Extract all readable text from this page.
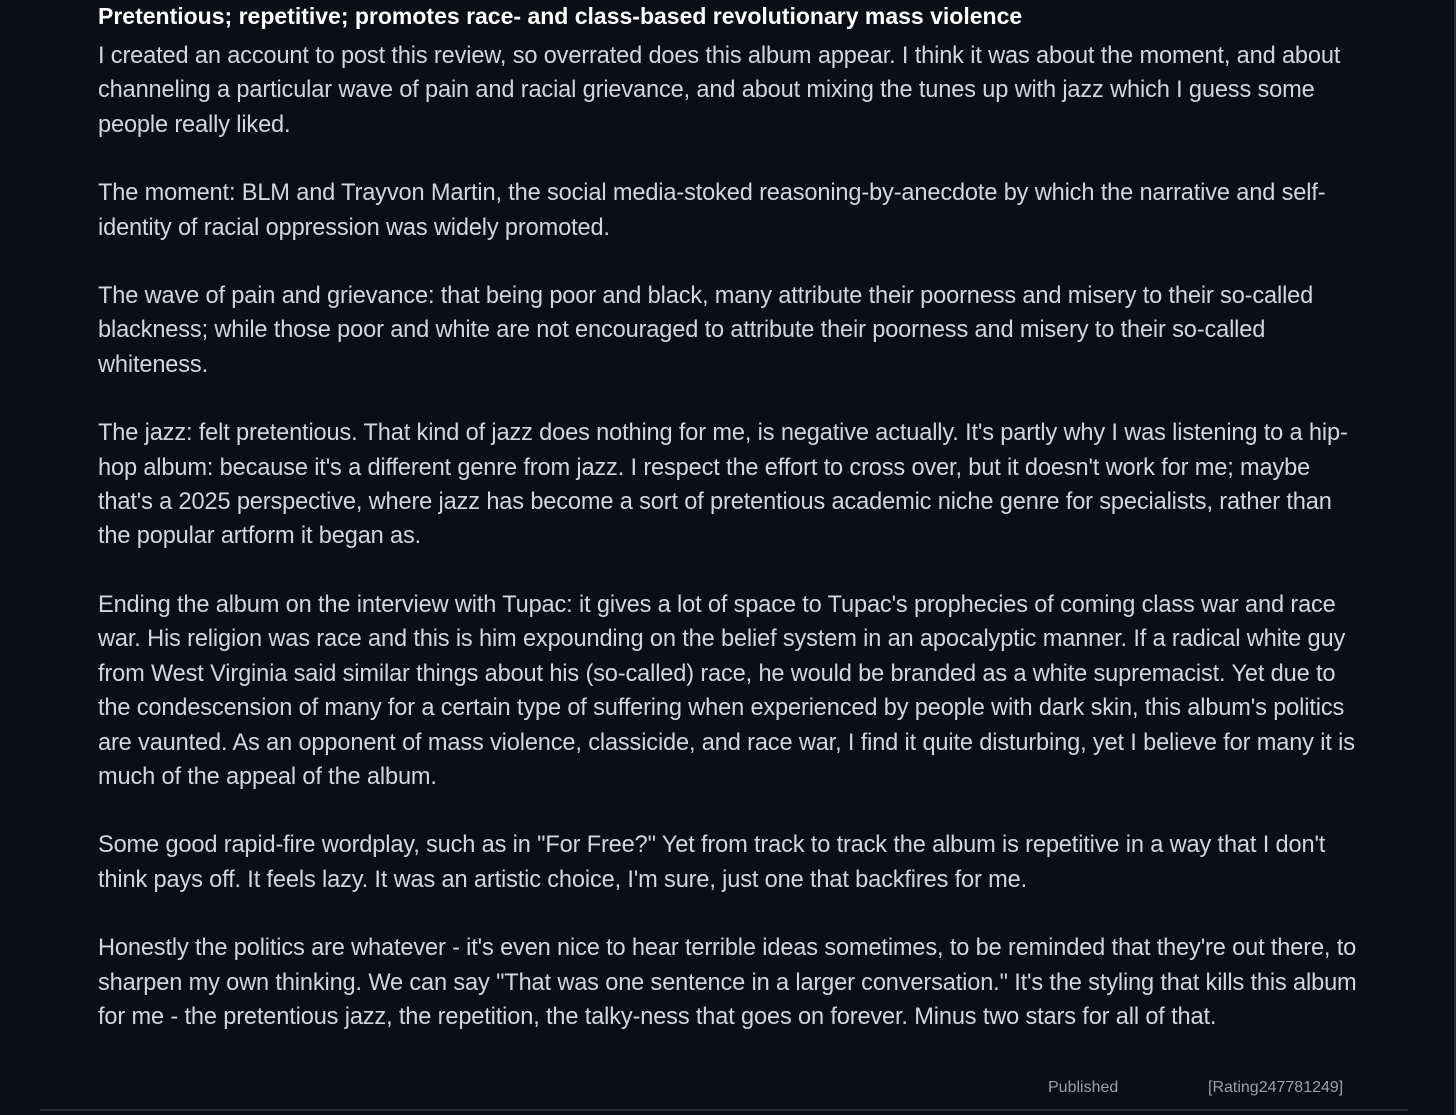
Pretentious; repetitive; promotes race- and class-based revolutionary mass violence

I created an account to post this review, so overrated does this album appear. I think it was about the moment, and about channeling a particular wave of pain and racial grievance, and about mixing the tunes up with jazz which I guess some people really liked.

The moment: BLM and Trayvon Martin, the social media-stoked reasoning-by-anecdote by which the narrative and self-identity of racial oppression was widely promoted.

The wave of pain and grievance: that being poor and black, many attribute their poorness and misery to their so-called blackness; while those poor and white are not encouraged to attribute their poorness and misery to their so-called whiteness.

The jazz: felt pretentious. That kind of jazz does nothing for me, is negative actually. It's partly why I was listening to a hip-hop album: because it's a different genre from jazz. I respect the effort to cross over, but it doesn't work for me; maybe that's a 2025 perspective, where jazz has become a sort of pretentious academic niche genre for specialists, rather than the popular artform it began as.

Ending the album on the interview with Tupac: it gives a lot of space to Tupac's prophecies of coming class war and race war. His religion was race and this is him expounding on the belief system in an apocalyptic manner. If a radical white guy from West Virginia said similar things about his (so-called) race, he would be branded as a white supremacist. Yet due to the condescension of many for a certain type of suffering when experienced by people with dark skin, this album's politics are vaunted. As an opponent of mass violence, classicide, and race war, I find it quite disturbing, yet I believe for many it is much of the appeal of the album.

Some good rapid-fire wordplay, such as in "For Free?" Yet from track to track the album is repetitive in a way that I don't think pays off. It feels lazy. It was an artistic choice, I'm sure, just one that backfires for me.

Honestly the politics are whatever - it's even nice to hear terrible ideas sometimes, to be reminded that they're out there, to sharpen my own thinking. We can say "That was one sentence in a larger conversation." It's the styling that kills this album for me - the pretentious jazz, the repetition, the talky-ness that goes on forever. Minus two stars for all of that.

Published	[Rating247781249]
